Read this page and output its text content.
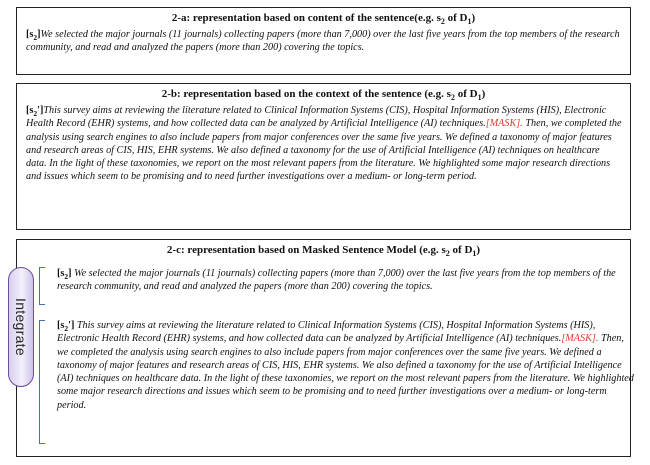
2-a: representation based on content of the sentence(e.g. $s_2$ of $D_1$)
$[s_2]We$ selected the major journals (11 journals) collecting papers (more than 7,000) over the last five years from the top members of the research community, and read and analyzed the papers (more than 200) covering the topics.
2-b: representation based on the context of the sentence (e.g. $s_2$ of $D_1$)
$[s_2']This$ survey aims at reviewing the literature related to Clinical Information Systems (CIS), Hospital Information Systems (HIS), Electronic Health Record (EHR) systems, and how collected data can be analyzed by Artificial Intelligence (AI) techniques.[MASK]. Then, we completed the analysis using search engines to also include papers from major conferences over the same five years. We defined a taxonomy of major features and research areas of CIS, HIS, EHR systems. We also defined a taxonomy for the use of Artificial Intelligence (AI) techniques on healthcare data. In the light of these taxonomies, we report on the most relevant papers from the literature. We highlighted some major research directions and issues which seem to be promising and to need further investigations over a medium- or long-term period.
2-c: representation based on Masked Sentence Model (e.g. $s_2$ of $D_1$)
Integrate
$[s_2]$ We selected the major journals (11 journals) collecting papers (more than 7,000) over the last five years from the top members of the research community, and read and analyzed the papers (more than 200) covering the topics.
$[s_2']$ This survey aims at reviewing the literature related to Clinical Information Systems (CIS), Hospital Information Systems (HIS), Electronic Health Record (EHR) systems, and how collected data can be analyzed by Artificial Intelligence (AI) techniques.[MASK]. Then, we completed the analysis using search engines to also include papers from major conferences over the same five years. We defined a taxonomy of major features and research areas of CIS, HIS, EHR systems. We also defined a taxonomy for the use of Artificial Intelligence (AI) techniques on healthcare data. In the light of these taxonomies, we report on the most relevant papers from the literature. We highlighted some major research directions and issues which seem to be promising and to need further investigations over a medium- or long-term period.
